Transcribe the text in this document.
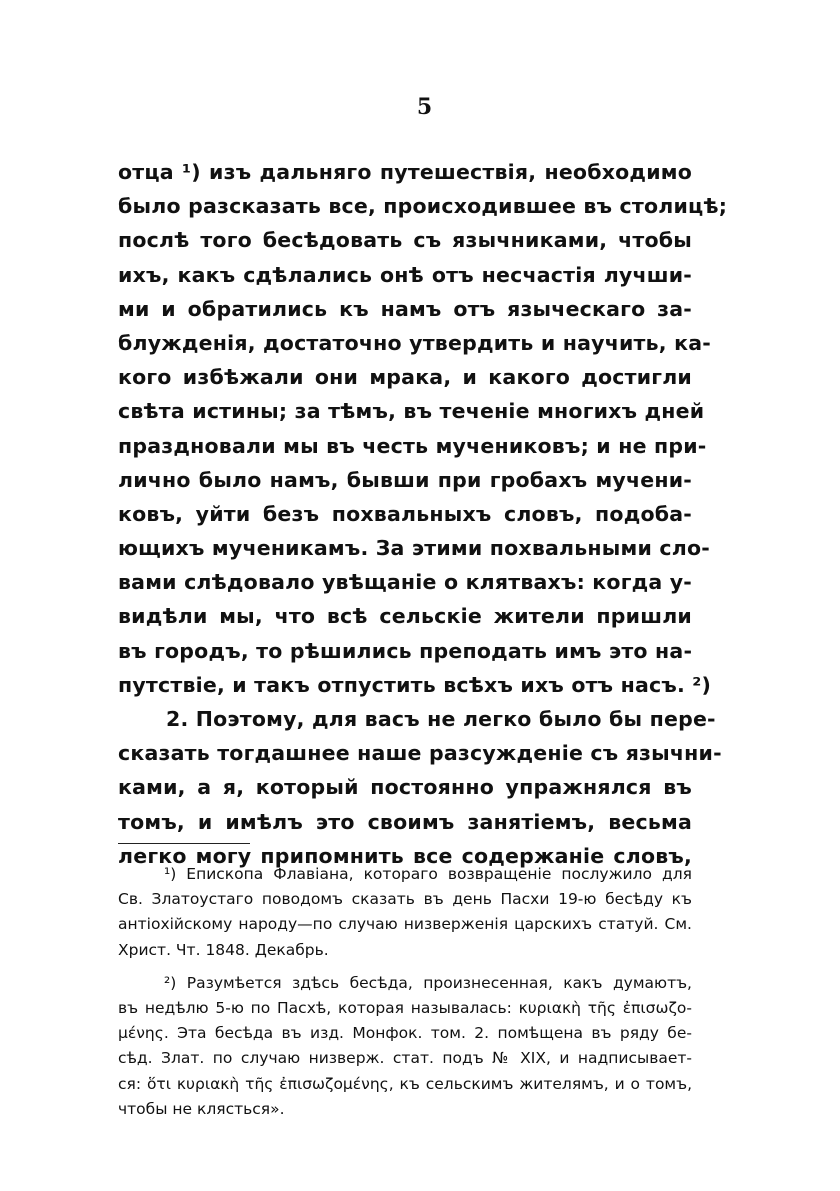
5
отца ¹) изъ дальняго путешествія, необходимо
было разсказать все, происходившее въ столицѣ;
послѣ того бесѣдовать съ язычниками, чтобы
ихъ, какъ сдѣлались онѣ отъ несчастія лучши-
ми и обратились къ намъ отъ языческаго за-
блужденія, достаточно утвердить и научить, ка-
кого избѣжали они мрака, и какого достигли
свѣта истины; за тѣмъ, въ теченіе многихъ дней
праздновали мы въ честь мучениковъ; и не при-
лично было намъ, бывши при гробахъ мучени-
ковъ, уйти безъ похвальныхъ словъ, подоба-
ющихъ мученикамъ. За этими похвальными сло-
вами слѣдовало увѣщаніе о клятвахъ: когда у-
видѣли мы, что всѣ сельскіе жители пришли
въ городъ, то рѣшились преподать имъ это на-
путствіе, и такъ отпустить всѣхъ ихъ отъ насъ. ²)
2. Поэтому, для васъ не легко было бы пере-
сказать тогдашнее наше разсужденіе съ язычни-
ками, а я, который постоянно упражнялся въ
томъ, и имѣлъ это своимъ занятіемъ, весьма
легко могу припомнить все содержаніе словъ,
¹) Епископа Флавіана, котораго возвращеніе послужило для
Св. Златоустаго поводомъ сказать въ день Пасхи 19-ю бесѣду къ
антіохійскому народу—по случаю низверженія царскихъ статуй. См.
Христ. Чт. 1848. Декабрь.
²) Разумѣется здѣсь бесѣда, произнесенная, какъ думаютъ,
въ недѣлю 5-ю по Пасхѣ, которая называлась: κυριακὴ τῆς ἐπισωζο-
μένης. Эта бесѣда въ изд. Монфок. том. 2. помѣщена въ ряду бе-
сѣд. Злат. по случаю низверж. стат. подъ № XIX, и надписывает-
ся: ὅτι κυριακὴ τῆς ἐπισωζομένης, къ сельскимъ жителямъ, и о томъ,
чтобы не клясться».
